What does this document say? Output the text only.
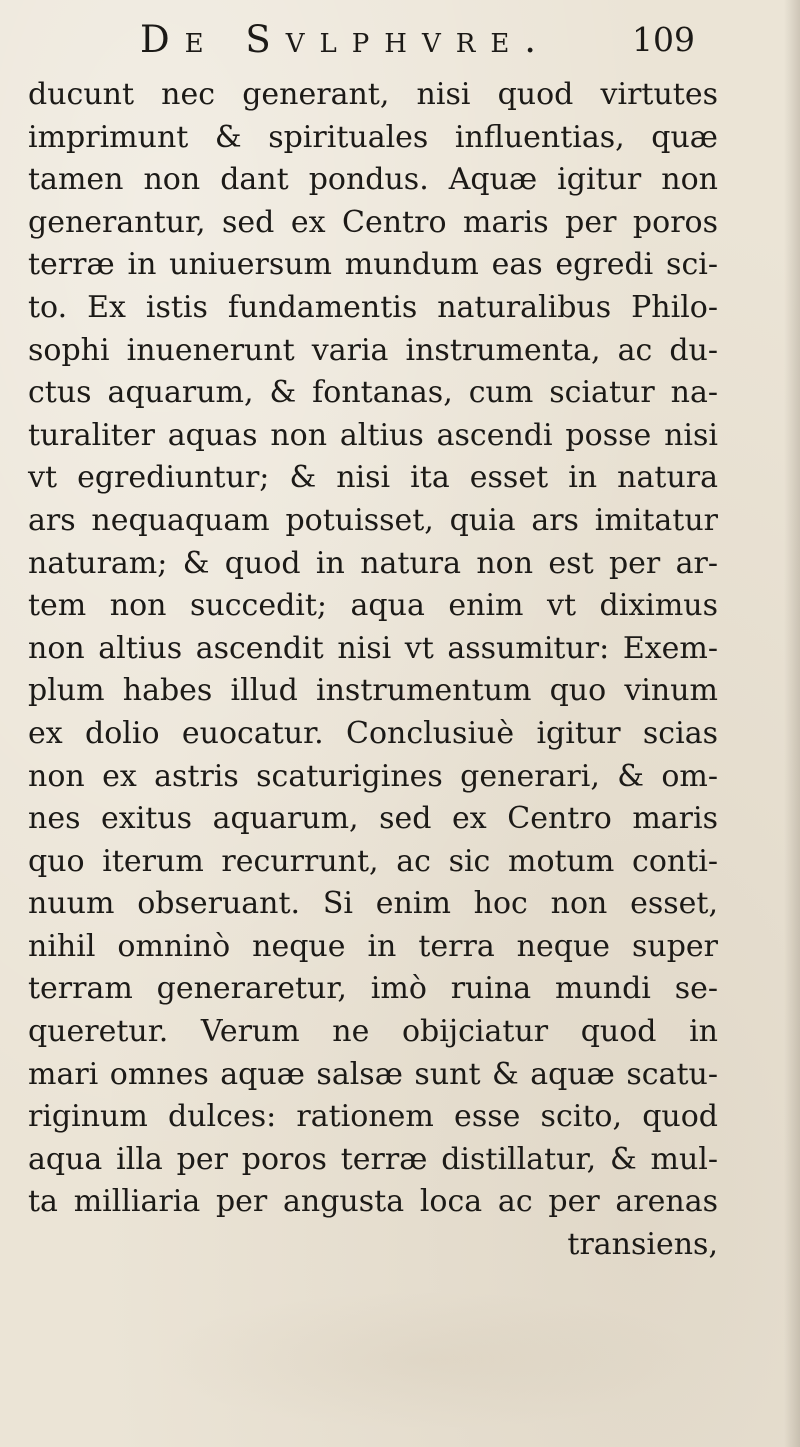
De Svlphvre. 109
ducunt nec generant, nisi quod virtutes
imprimunt & spirituales influentias, quæ
tamen non dant pondus. Aquæ igitur non
generantur, sed ex Centro maris per poros
terræ in uniuersum mundum eas egredi sci-
to. Ex istis fundamentis naturalibus Philo-
sophi inuenerunt varia instrumenta, ac du-
ctus aquarum, & fontanas, cum sciatur na-
turaliter aquas non altius ascendi posse nisi
vt egrediuntur; & nisi ita esset in natura
ars nequaquam potuisset, quia ars imitatur
naturam; & quod in natura non est per ar-
tem non succedit; aqua enim vt diximus
non altius ascendit nisi vt assumitur: Exem-
plum habes illud instrumentum quo vinum
ex dolio euocatur. Conclusiuè igitur scias
non ex astris scaturigines generari, & om-
nes exitus aquarum, sed ex Centro maris
quo iterum recurrunt, ac sic motum conti-
nuum obseruant. Si enim hoc non esset,
nihil omninò neque in terra neque super
terram generaretur, imò ruina mundi se-
queretur. Verum ne obijciatur quod in
mari omnes aquæ salsæ sunt & aquæ scatu-
riginum dulces: rationem esse scito, quod
aqua illa per poros terræ distillatur, & mul-
ta milliaria per angusta loca ac per arenas
transiens,
